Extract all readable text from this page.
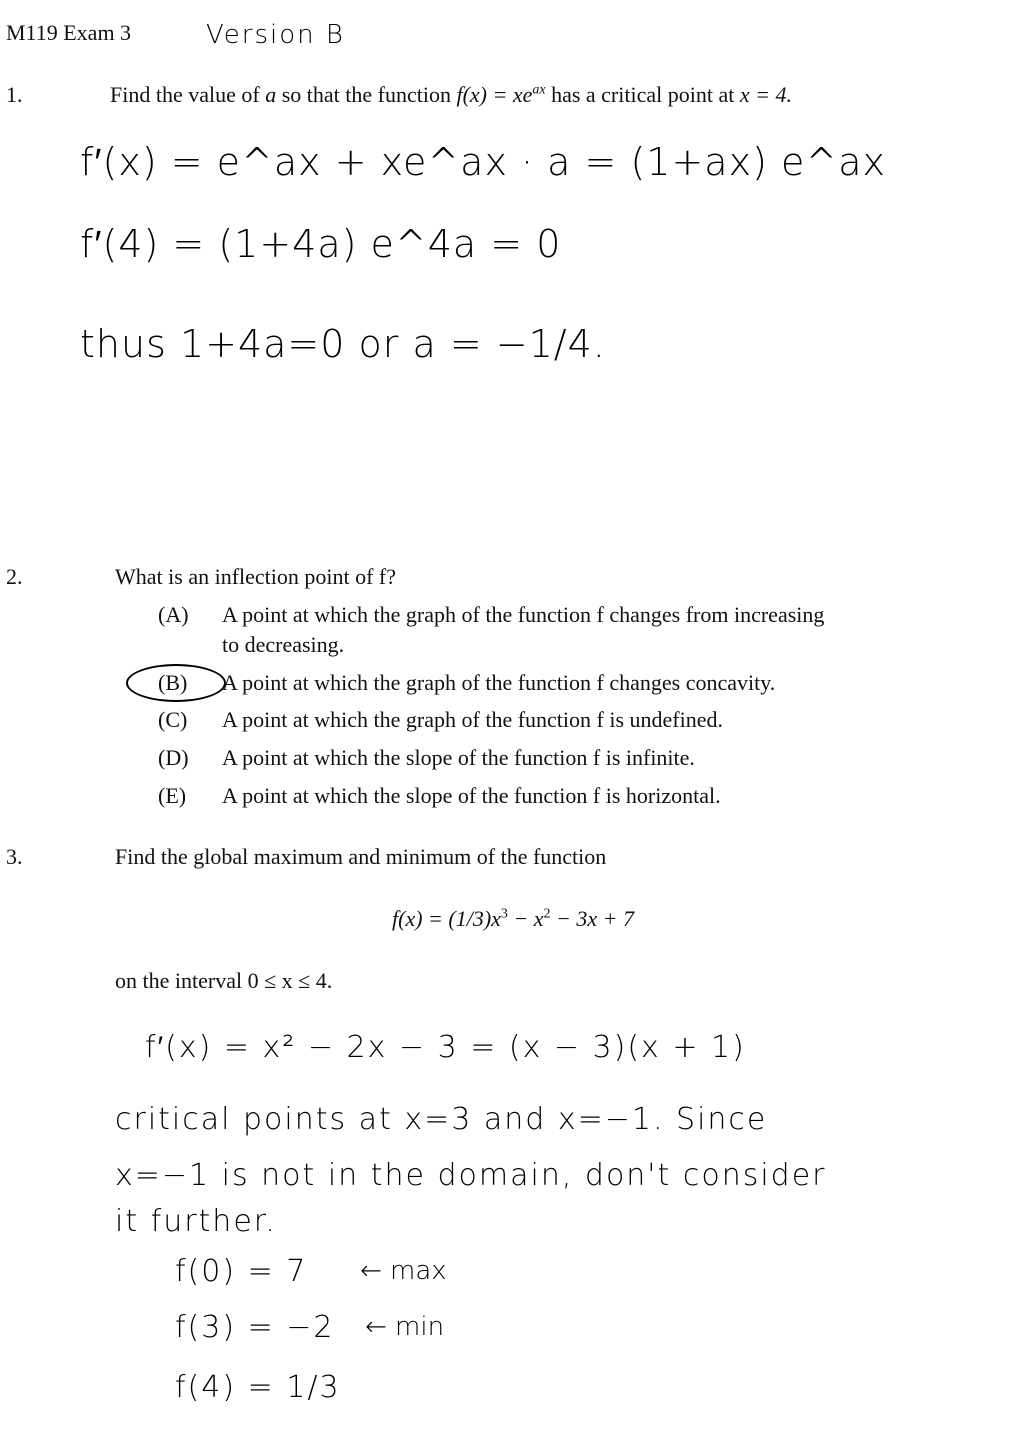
M119 Exam 3	Version B
1.	Find the value of a so that the function $f(x) = xe^{ax}$ has a critical point at x = 4.
f′(x) = e^ax + xe^ax · a = (1+ax) e^ax
f′(4) = (1+4a) e^4a = 0
thus 1+4a=0 or a = −1/4.
2.	What is an inflection point of f?
(A) A point at which the graph of the function f changes from increasing
to decreasing.
(B) A point at which the graph of the function f changes concavity.
(C) A point at which the graph of the function f is undefined.
(D) A point at which the slope of the function f is infinite.
(E) A point at which the slope of the function f is horizontal.
3.	Find the global maximum and minimum of the function
$f(x) = (1/3)x^3 - x^2 - 3x + 7$
on the interval 0 ≤ x ≤ 4.
f′(x) = x² − 2x − 3 = (x − 3)(x + 1)
critical points at x=3 and x=−1. Since
x=−1 is not in the domain, don't consider
it further.
f(0) = 7 ← max
f(3) = −2 ← min
f(4) = 1/3
